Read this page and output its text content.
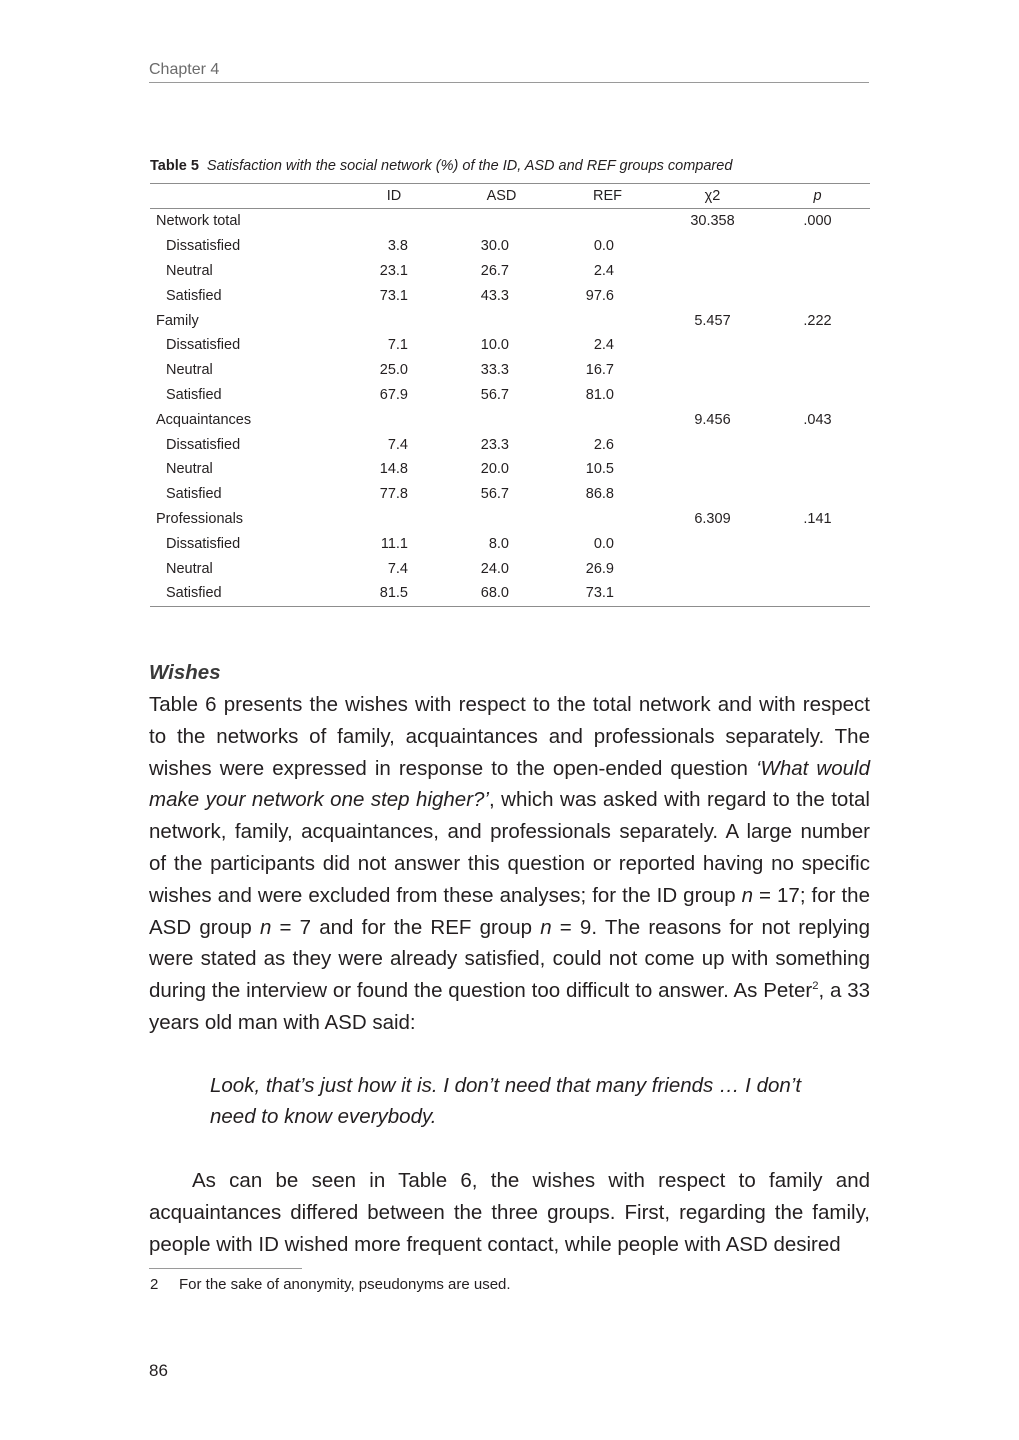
Chapter 4
Table 5 Satisfaction with the social network (%) of the ID, ASD and REF groups compared
	ID	ASD	REF	χ2	p
Network total				30.358	.000
Dissatisfied	3.8	30.0	0.0		
Neutral	23.1	26.7	2.4		
Satisfied	73.1	43.3	97.6		
Family				5.457	.222
Dissatisfied	7.1	10.0	2.4		
Neutral	25.0	33.3	16.7		
Satisfied	67.9	56.7	81.0		
Acquaintances				9.456	.043
Dissatisfied	7.4	23.3	2.6		
Neutral	14.8	20.0	10.5		
Satisfied	77.8	56.7	86.8		
Professionals				6.309	.141
Dissatisfied	11.1	8.0	0.0		
Neutral	7.4	24.0	26.9		
Satisfied	81.5	68.0	73.1		
Wishes
Table 6 presents the wishes with respect to the total network and with respect to the networks of family, acquaintances and professionals separately. The wishes were expressed in response to the open-ended question ‘What would make your network one step higher?’, which was asked with regard to the total network, family, acquaintances, and professionals separately. A large number of the participants did not answer this question or reported having no specific wishes and were excluded from these analyses; for the ID group n = 17; for the ASD group n = 7 and for the REF group n = 9. The reasons for not replying were stated as they were already satisfied, could not come up with something during the interview or found the question too difficult to answer. As Peter$^2$, a 33 years old man with ASD said:
Look, that’s just how it is. I don’t need that many friends … I don’t need to know everybody.
As can be seen in Table 6, the wishes with respect to family and acquaintances differed between the three groups. First, regarding the family, people with ID wished more frequent contact, while people with ASD desired
2 For the sake of anonymity, pseudonyms are used.
86
